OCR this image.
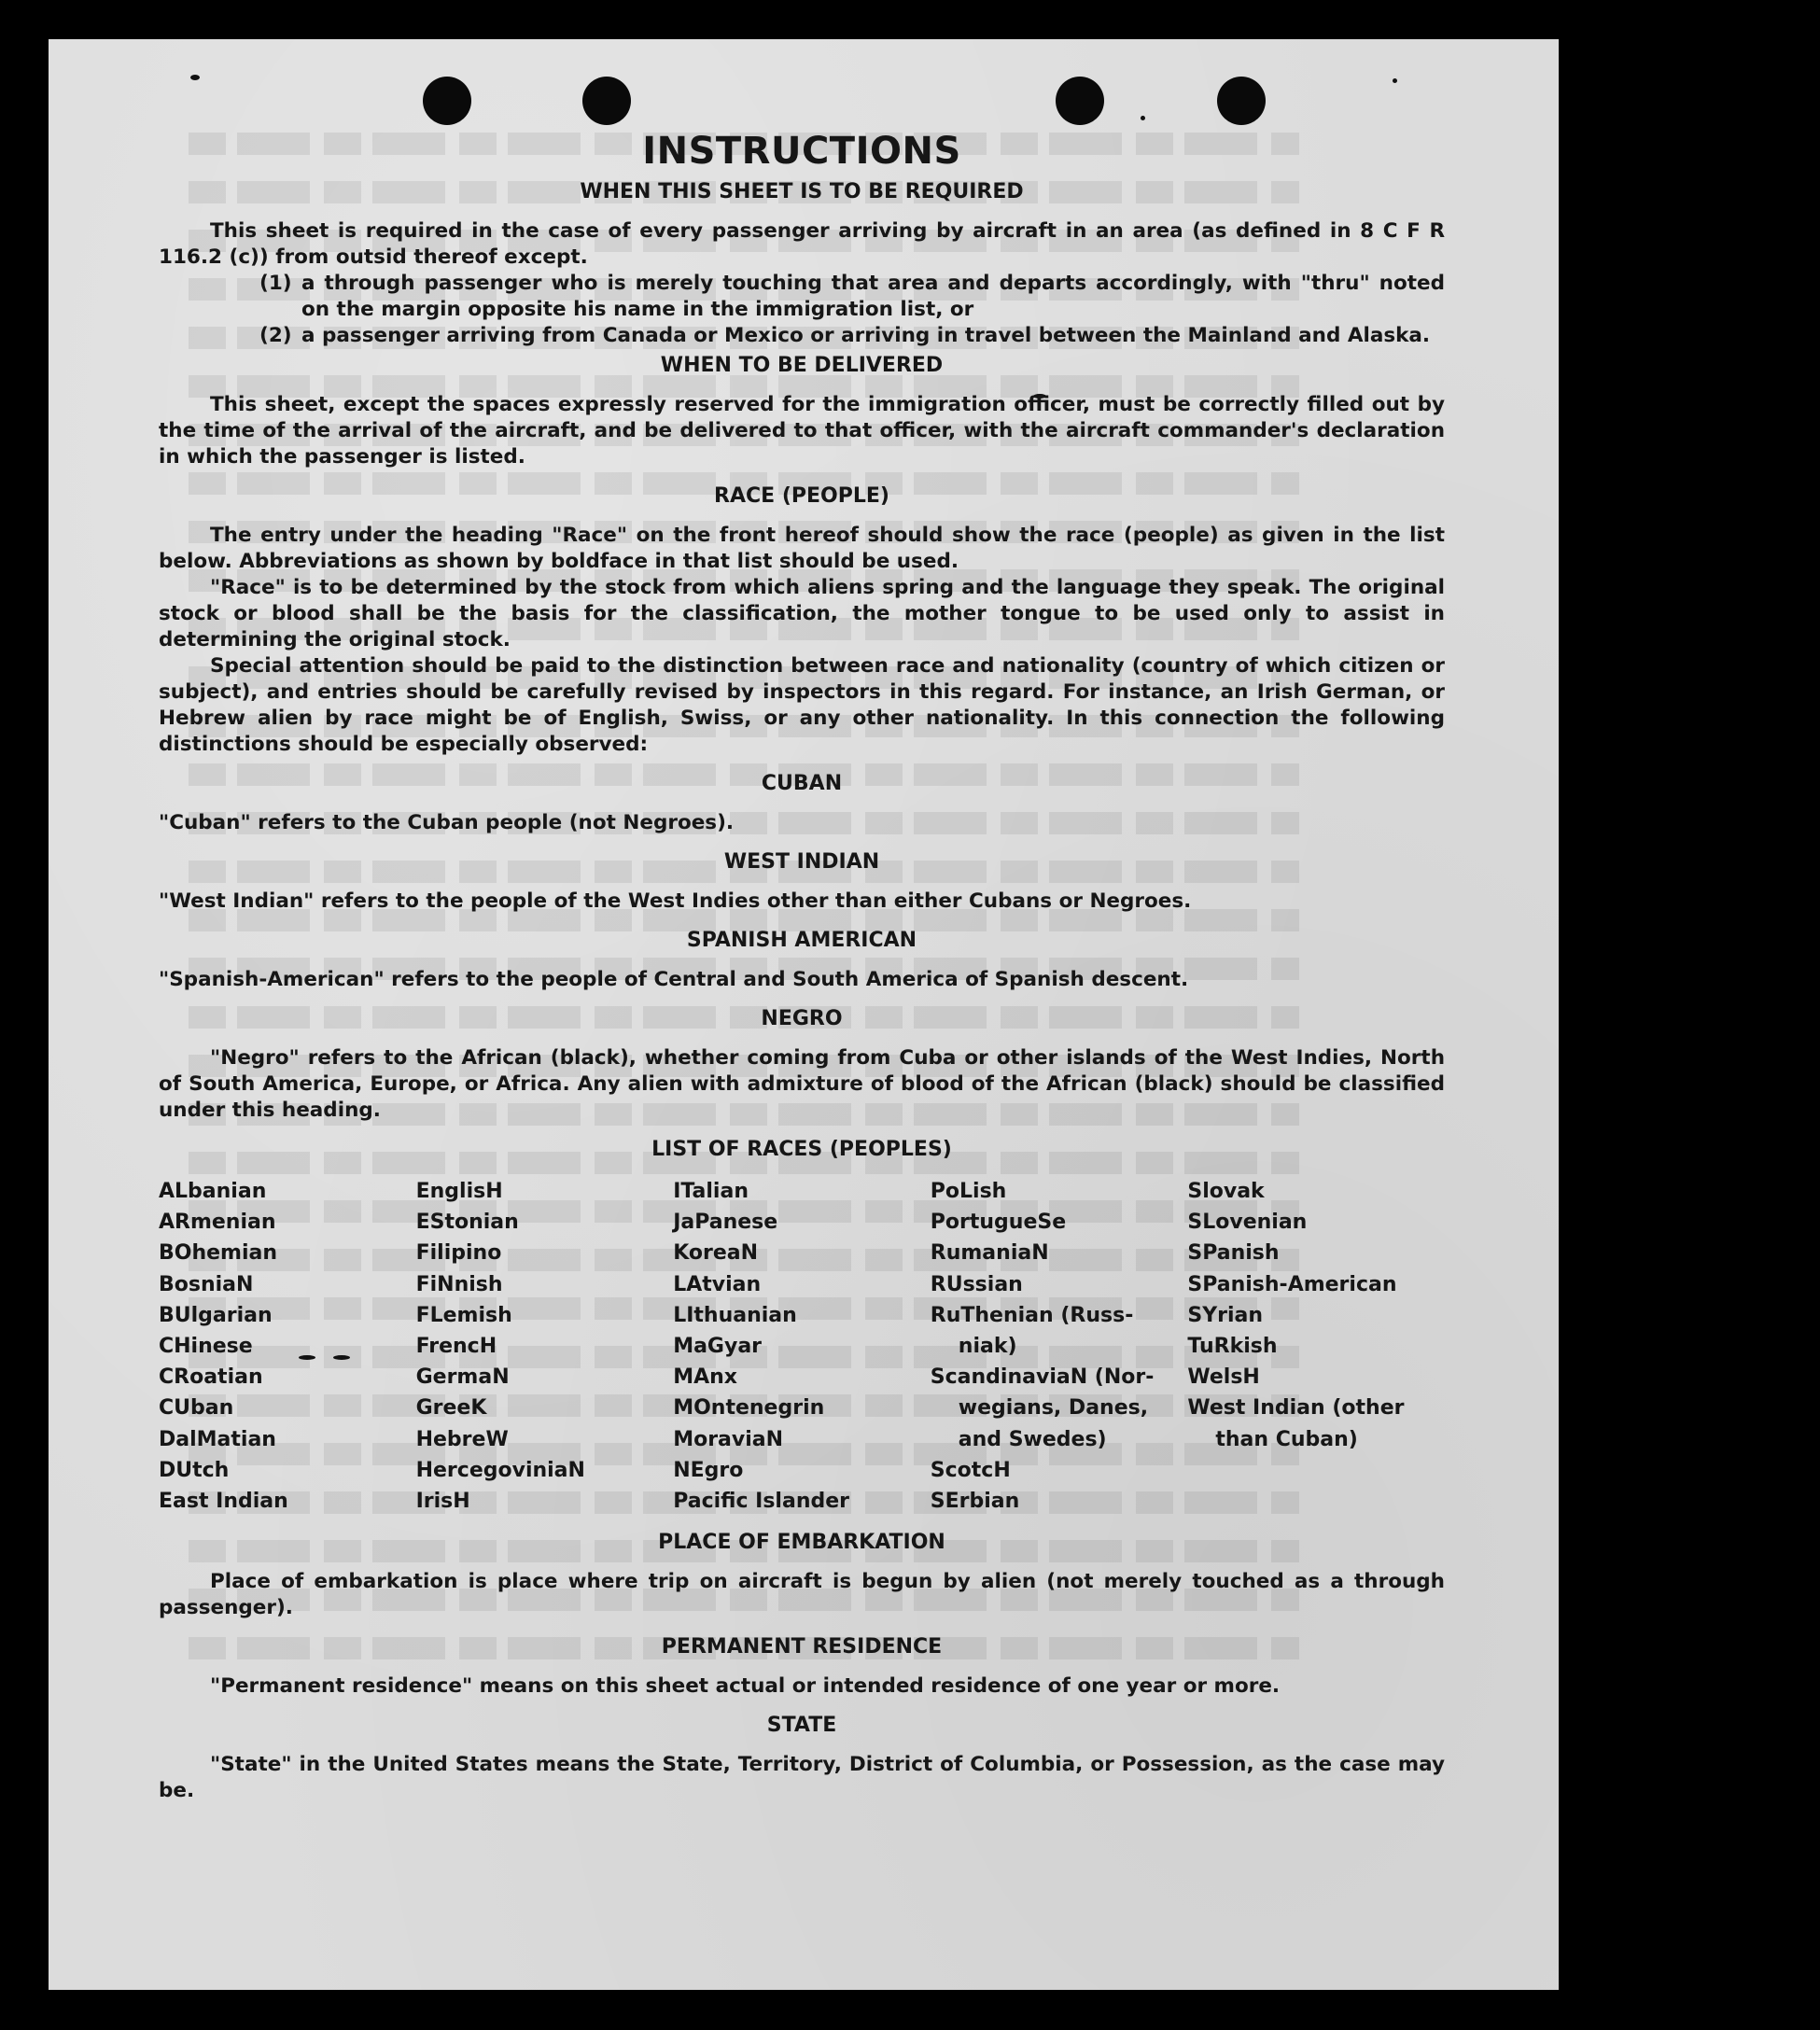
INSTRUCTIONS
WHEN THIS SHEET IS TO BE REQUIRED

This sheet is required in the case of every passenger arriving by aircraft in an area (as defined in 8 C F R 116.2 (c)) from outsid thereof except.

(1) a through passenger who is merely touching that area and departs accordingly, with "thru" noted on the margin opposite his name in the immigration list, or
(2) a passenger arriving from Canada or Mexico or arriving in travel between the Mainland and Alaska.
WHEN TO BE DELIVERED

This sheet, except the spaces expressly reserved for the immigration officer, must be correctly filled out by the time of the arrival of the aircraft, and be delivered to that officer, with the aircraft commander's declaration in which the passenger is listed.

RACE (PEOPLE)

The entry under the heading "Race" on the front hereof should show the race (people) as given in the list below. Abbreviations as shown by boldface in that list should be used.

"Race" is to be determined by the stock from which aliens spring and the language they speak. The original stock or blood shall be the basis for the classification, the mother tongue to be used only to assist in determining the original stock.

Special attention should be paid to the distinction between race and nationality (country of which citizen or subject), and entries should be carefully revised by inspectors in this regard. For instance, an Irish German, or Hebrew alien by race might be of English, Swiss, or any other nationality. In this connection the following distinctions should be especially observed:

CUBAN

"Cuban" refers to the Cuban people (not Negroes).

WEST INDIAN

"West Indian" refers to the people of the West Indies other than either Cubans or Negroes.

SPANISH AMERICAN

"Spanish-American" refers to the people of Central and South America of Spanish descent.

NEGRO

"Negro" refers to the African (black), whether coming from Cuba or other islands of the West Indies, North of South America, Europe, or Africa. Any alien with admixture of blood of the African (black) should be classified under this heading.

LIST OF RACES (PEOPLES)
ALbanian
ARmenian
BOhemian
BosniaN
BUlgarian
CHinese
CRoatian
CUban
DalMatian
DUtch
East Indian
EnglisH
EStonian
Filipino
FiNnish
FLemish
FrencH
GermaN
GreeK
HebreW
HercegoviniaN
IrisH
ITalian
JaPanese
KoreaN
LAtvian
LIthuanian
MaGyar
MAnx
MOntenegrin
MoraviaN
NEgro
Pacific Islander
PoLish
PortugueSe
RumaniaN
RUssian
RuThenian (Russ-
niak)
ScandinaviaN (Nor-
wegians, Danes,
and Swedes)
ScotcH
SErbian
Slovak
SLovenian
SPanish
SPanish-American
SYrian
TuRkish
WelsH
West Indian (other
than Cuban)
PLACE OF EMBARKATION

Place of embarkation is place where trip on aircraft is begun by alien (not merely touched as a through passenger).

PERMANENT RESIDENCE

"Permanent residence" means on this sheet actual or intended residence of one year or more.

STATE

"State" in the United States means the State, Territory, District of Columbia, or Possession, as the case may be.
